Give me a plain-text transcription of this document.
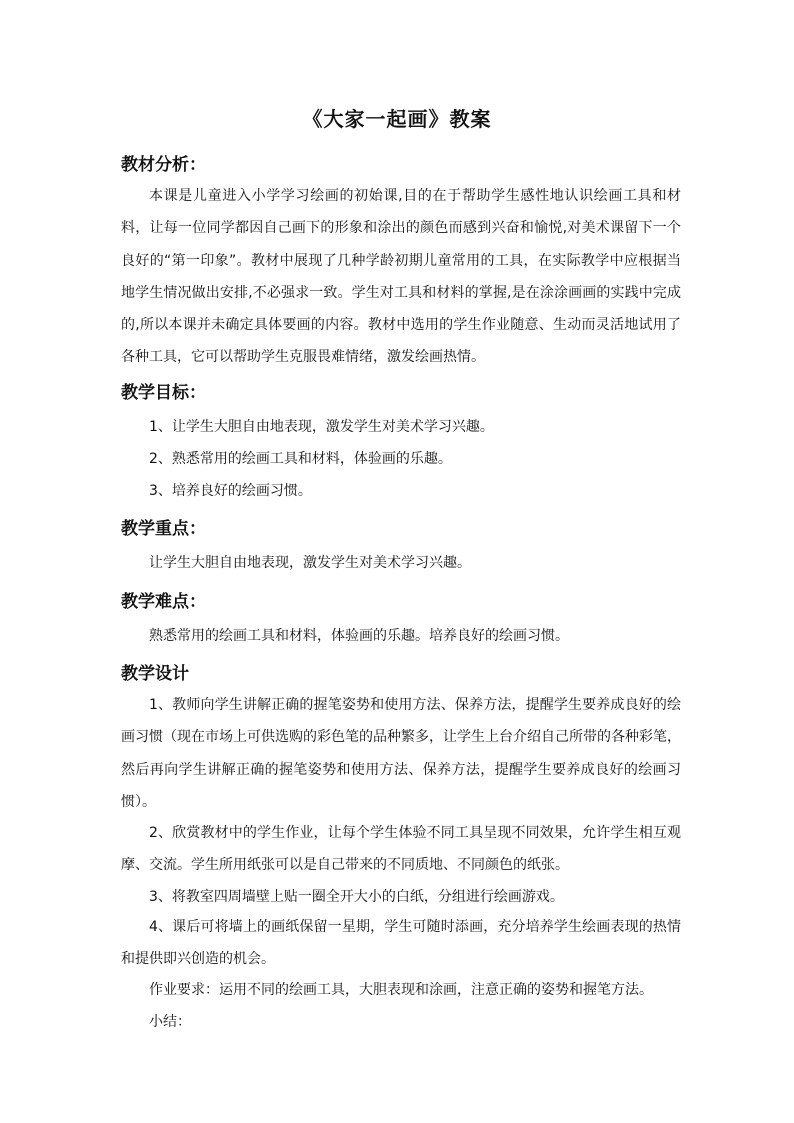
《大家一起画》教案
教材分析：

本课是儿童进入小学学习绘画的初始课,目的在于帮助学生感性地认识绘画工具和材料，让每一位同学都因自己画下的形象和涂出的颜色而感到兴奋和愉悦,对美术课留下一个良好的“第一印象”。教材中展现了几种学龄初期儿童常用的工具，在实际教学中应根据当地学生情况做出安排,不必强求一致。学生对工具和材料的掌握,是在涂涂画画的实践中完成的,所以本课并未确定具体要画的内容。教材中选用的学生作业随意、生动而灵活地试用了各种工具，它可以帮助学生克服畏难情绪，激发绘画热情。

教学目标：
1、让学生大胆自由地表现，激发学生对美术学习兴趣。
2、熟悉常用的绘画工具和材料，体验画的乐趣。
3、培养良好的绘画习惯。
教学重点：
让学生大胆自由地表现，激发学生对美术学习兴趣。
教学难点：
熟悉常用的绘画工具和材料，体验画的乐趣。培养良好的绘画习惯。
教学设计

1、教师向学生讲解正确的握笔姿势和使用方法、保养方法，提醒学生要养成良好的绘画习惯（现在市场上可供选购的彩色笔的品种繁多，让学生上台介绍自己所带的各种彩笔，然后再向学生讲解正确的握笔姿势和使用方法、保养方法，提醒学生要养成良好的绘画习惯）。

2、欣赏教材中的学生作业，让每个学生体验不同工具呈现不同效果，允许学生相互观摩、交流。学生所用纸张可以是自己带来的不同质地、不同颜色的纸张。

3、将教室四周墙壁上贴一圈全开大小的白纸，分组进行绘画游戏。

4、课后可将墙上的画纸保留一星期，学生可随时添画，充分培养学生绘画表现的热情和提供即兴创造的机会。

作业要求：运用不同的绘画工具，大胆表现和涂画，注意正确的姿势和握笔方法。
小结：
